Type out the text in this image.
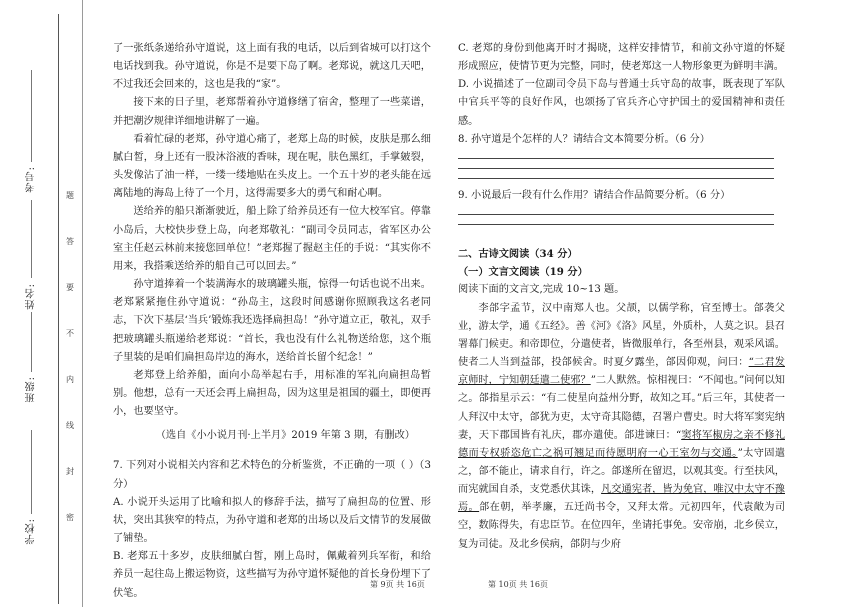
学校:
班级:
姓名:
考号:
题
答
要
不
内
线
封
密

了一张纸条递给孙守道说，这上面有我的电话，以后到省城可以打这个电话找到我。孙守道说，你是不是要下岛了啊。老郑说，就这几天吧，不过我还会回来的，这也是我的“家”。

接下来的日子里，老郑帮着孙守道修缮了宿舍，整理了一些菜谱，并把潮汐规律详细地讲解了一遍。

看着忙碌的老郑，孙守道心痛了，老郑上岛的时候，皮肤是那么细腻白皙，身上还有一股沐浴液的香味，现在呢，肤色黑红，手掌皴裂，头发像沾了油一样，一缕一缕地贴在头皮上。一个五十岁的老头能在远离陆地的海岛上待了一个月，这得需要多大的勇气和耐心啊。

送给养的船只渐渐驶近，船上除了给养员还有一位大校军官。停靠小岛后，大校快步登上岛，向老郑敬礼：“副司令员同志，省军区办公室主任赵云林前来接您回单位！”老郑握了握赵主任的手说：“其实你不用来，我搭乘送给养的船自己可以回去。”

孙守道捧着一个装满海水的玻璃罐头瓶，惊得一句话也说不出来。老郑紧紧拖住孙守道说：“孙岛主，这段时间感谢你照顾我这名老同志，下次下基层‘当兵’锻炼我还选择扁担岛！”孙守道立正，敬礼，双手把玻璃罐头瓶递给老郑说：“首长，我也没有什么礼物送给您，这个瓶子里装的是咱们扁担岛岸边的海水，送给首长留个纪念！”

老郑登上给养船，面向小岛举起右手，用标准的军礼向扁担岛暂别。他想，总有一天还会再上扁担岛，因为这里是祖国的疆土，即便再小，也要坚守。

（选自《小小说月刊·上半月》2019 年第 3 期，有删改）

7. 下列对小说相关内容和艺术特色的分析鉴赏，不正确的一项（ ）（3 分）

A. 小说开头运用了比喻和拟人的修辞手法，描写了扁担岛的位置、形状，突出其狭窄的特点，为孙守道和老郑的出场以及后文情节的发展做了铺垫。

B. 老郑五十多岁，皮肤细腻白皙，刚上岛时，佩戴着列兵军衔，和给养员一起往岛上搬运物资，这些描写为孙守道怀疑他的首长身份埋下了伏笔。

C. 老郑的身份到他离开时才揭晓，这样安排情节，和前文孙守道的怀疑形成照应，使情节更为完整，同时，使老郑这一人物形象更为鲜明丰满。

D. 小说描述了一位副司令员下岛与普通士兵守岛的故事，既表现了军队中官兵平等的良好作风，也颂扬了官兵齐心守护国土的爱国精神和责任感。

8. 孙守道是个怎样的人？请结合文本简要分析。（6 分）

9. 小说最后一段有什么作用？请结合作品简要分析。（6 分）

二、古诗文阅读（34 分）

（一）文言文阅读（19 分）

阅读下面的文言文,完成 10~13 题。

李郃字孟节，汉中南郑人也。父颉，以儒学称，官至博士。郃袭父业，游太学，通《五经》。善《河》《洛》风星，外质朴，人莫之识。县召署幕门候吏。和帝即位，分遣使者，皆微服单行，各至州县，观采风谣。使者二人当到益部，投郃候舍。时夏夕露坐，郃因仰观，问曰：“二君发京师时，宁知朝廷遣二使邪？”二人默然。惊相视曰：“不闻也。”问何以知之。郃指星示云：“有二使星向益州分野，故知之耳。”后三年，其使者一人拜汉中太守，郃犹为吏，太守奇其隐德，召署户曹史。时大将军窦宪纳妻，天下郡国皆有礼庆，郡亦遣使。郃进谏曰：“窦将军椒房之亲不修礼德而专权骄恣危亡之祸可翘足而待愿明府一心王室勿与交通。”太守固遣之，郃不能止，请求自行，许之。郃遂所在留迟，以观其变。行至扶风，而宪就国自杀，支党悉伏其诛，凡交通宪者，皆为免官，唯汉中太守不豫焉。郃在朝，举孝廉，五迁尚书令，又拜太常。元初四年，代袁敞为司空，数陈得失，有忠臣节。在位四年，坐请托事免。安帝崩，北乡侯立，复为司徒。及北乡侯病，郃阴与少府

第 9页 共 16页	第 10页 共 16页
